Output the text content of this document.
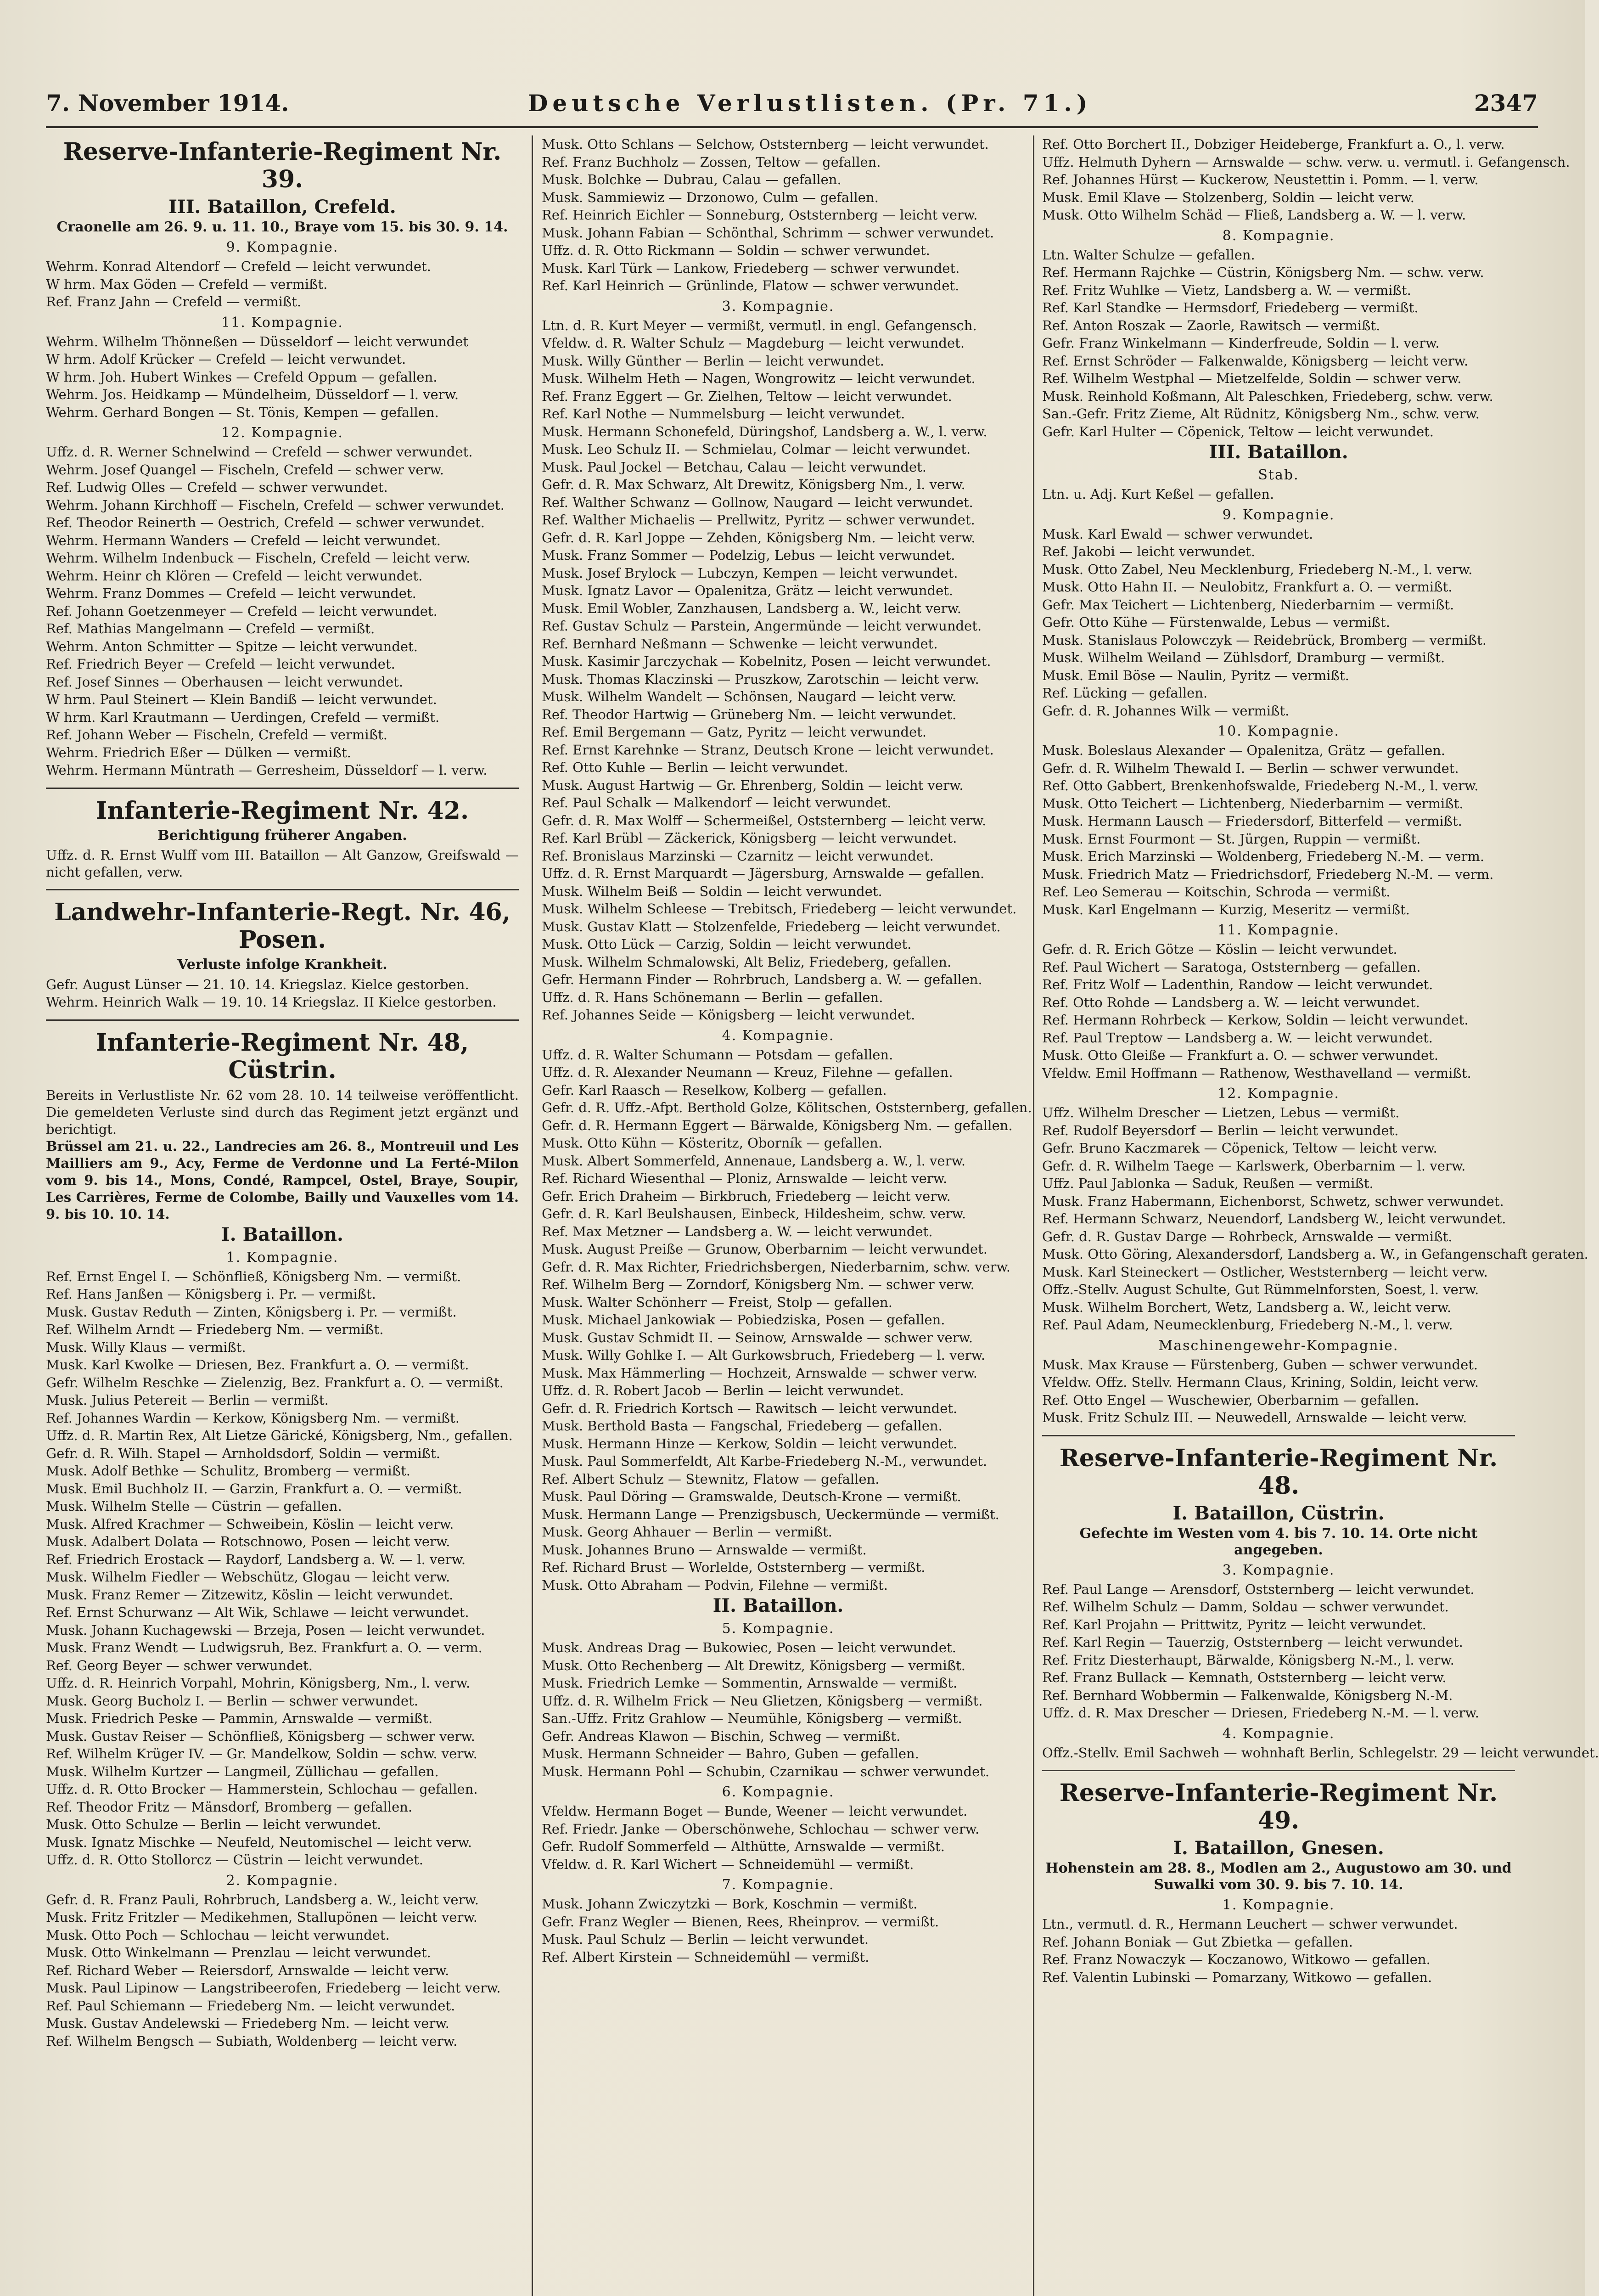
7. November 1914.	Deutsche Verlustlisten. (Pr. 71.)	2347
Reserve-Infanterie-Regiment Nr. 39.
III. Bataillon, Crefeld.
Craonelle am 26. 9. u. 11. 10., Braye vom 15. bis 30. 9. 14.
9. Kompagnie.
Wehrm. Konrad Altendorf — Crefeld — leicht verwundet.
W hrm. Max Göden — Crefeld — vermißt.
Ref. Franz Jahn — Crefeld — vermißt.
11. Kompagnie.
Wehrm. Wilhelm Thönneßen — Düsseldorf — leicht verwundet
W hrm. Adolf Krücker — Crefeld — leicht verwundet.
W hrm. Joh. Hubert Winkes — Crefeld Oppum — gefallen.
Wehrm. Jos. Heidkamp — Mündelheim, Düsseldorf — l. verw.
Wehrm. Gerhard Bongen — St. Tönis, Kempen — gefallen.
12. Kompagnie.
Uffz. d. R. Werner Schnelwind — Crefeld — schwer verwundet.
Wehrm. Josef Quangel — Fischeln, Crefeld — schwer verw.
Ref. Ludwig Olles — Crefeld — schwer verwundet.
Wehrm. Johann Kirchhoff — Fischeln, Crefeld — schwer verwundet.
Ref. Theodor Reinerth — Oestrich, Crefeld — schwer verwundet.
Wehrm. Hermann Wanders — Crefeld — leicht verwundet.
Wehrm. Wilhelm Indenbuck — Fischeln, Crefeld — leicht verw.
Wehrm. Heinr ch Klören — Crefeld — leicht verwundet.
Wehrm. Franz Dommes — Crefeld — leicht verwundet.
Ref. Johann Goetzenmeyer — Crefeld — leicht verwundet.
Ref. Mathias Mangelmann — Crefeld — vermißt.
Wehrm. Anton Schmitter — Spitze — leicht verwundet.
Ref. Friedrich Beyer — Crefeld — leicht verwundet.
Ref. Josef Sinnes — Oberhausen — leicht verwundet.
W hrm. Paul Steinert — Klein Bandiß — leicht verwundet.
W hrm. Karl Krautmann — Uerdingen, Crefeld — vermißt.
Ref. Johann Weber — Fischeln, Crefeld — vermißt.
Wehrm. Friedrich Eßer — Dülken — vermißt.
Wehrm. Hermann Müntrath — Gerresheim, Düsseldorf — l. verw.
Infanterie-Regiment Nr. 42.
Berichtigung früherer Angaben.
Uffz. d. R. Ernst Wulff vom III. Bataillon — Alt Ganzow, Greifswald — nicht gefallen, verw.
Landwehr-Infanterie-Regt. Nr. 46, Posen.
Verluste infolge Krankheit.
Gefr. August Lünser — 21. 10. 14. Kriegslaz. Kielce gestorben.
Wehrm. Heinrich Walk — 19. 10. 14 Kriegslaz. II Kielce gestorben.
Infanterie-Regiment Nr. 48, Cüstrin.
Bereits in Verlustliste Nr. 62 vom 28. 10. 14 teilweise veröffentlicht. Die gemeldeten Verluste sind durch das Regiment jetzt ergänzt und berichtigt.
Brüssel am 21. u. 22., Landrecies am 26. 8., Montreuil und Les Mailliers am 9., Acy, Ferme de Verdonne und La Ferté-Milon vom 9. bis 14., Mons, Condé, Rampcel, Ostel, Braye, Soupir, Les Carrières, Ferme de Colombe, Bailly und Vauxelles vom 14. 9. bis 10. 10. 14.
I. Bataillon.
1. Kompagnie.
Ref. Ernst Engel I. — Schönfließ, Königsberg Nm. — vermißt.
Ref. Hans Janßen — Königsberg i. Pr. — vermißt.
Musk. Gustav Reduth — Zinten, Königsberg i. Pr. — vermißt.
Ref. Wilhelm Arndt — Friedeberg Nm. — vermißt.
Musk. Willy Klaus — vermißt.
Musk. Karl Kwolke — Driesen, Bez. Frankfurt a. O. — vermißt.
Gefr. Wilhelm Reschke — Zielenzig, Bez. Frankfurt a. O. — vermißt.
Musk. Julius Petereit — Berlin — vermißt.
Ref. Johannes Wardin — Kerkow, Königsberg Nm. — vermißt.
Uffz. d. R. Martin Rex, Alt Lietze Gärické, Königsberg, Nm., gefallen.
Gefr. d. R. Wilh. Stapel — Arnholdsdorf, Soldin — vermißt.
Musk. Adolf Bethke — Schulitz, Bromberg — vermißt.
Musk. Emil Buchholz II. — Garzin, Frankfurt a. O. — vermißt.
Musk. Wilhelm Stelle — Cüstrin — gefallen.
Musk. Alfred Krachmer — Schweibein, Köslin — leicht verw.
Musk. Adalbert Dolata — Rotschnowo, Posen — leicht verw.
Ref. Friedrich Erostack — Raydorf, Landsberg a. W. — l. verw.
Musk. Wilhelm Fiedler — Webschütz, Glogau — leicht verw.
Musk. Franz Remer — Zitzewitz, Köslin — leicht verwundet.
Ref. Ernst Schurwanz — Alt Wik, Schlawe — leicht verwundet.
Musk. Johann Kuchagewski — Brzeja, Posen — leicht verwundet.
Musk. Franz Wendt — Ludwigsruh, Bez. Frankfurt a. O. — verm.
Ref. Georg Beyer — schwer verwundet.
Uffz. d. R. Heinrich Vorpahl, Mohrin, Königsberg, Nm., l. verw.
Musk. Georg Bucholz I. — Berlin — schwer verwundet.
Musk. Friedrich Peske — Pammin, Arnswalde — vermißt.
Musk. Gustav Reiser — Schönfließ, Königsberg — schwer verw.
Ref. Wilhelm Krüger IV. — Gr. Mandelkow, Soldin — schw. verw.
Musk. Wilhelm Kurtzer — Langmeil, Züllichau — gefallen.
Uffz. d. R. Otto Brocker — Hammerstein, Schlochau — gefallen.
Ref. Theodor Fritz — Mänsdorf, Bromberg — gefallen.
Musk. Otto Schulze — Berlin — leicht verwundet.
Musk. Ignatz Mischke — Neufeld, Neutomischel — leicht verw.
Uffz. d. R. Otto Stollorcz — Cüstrin — leicht verwundet.
2. Kompagnie.
Gefr. d. R. Franz Pauli, Rohrbruch, Landsberg a. W., leicht verw.
Musk. Fritz Fritzler — Medikehmen, Stallupönen — leicht verw.
Musk. Otto Poch — Schlochau — leicht verwundet.
Musk. Otto Winkelmann — Prenzlau — leicht verwundet.
Ref. Richard Weber — Reiersdorf, Arnswalde — leicht verw.
Musk. Paul Lipinow — Langstribeerofen, Friedeberg — leicht verw.
Ref. Paul Schiemann — Friedeberg Nm. — leicht verwundet.
Musk. Gustav Andelewski — Friedeberg Nm. — leicht verw.
Ref. Wilhelm Bengsch — Subiath, Woldenberg — leicht verw.
Musk. Otto Schlans — Selchow, Oststernberg — leicht verwundet.
Ref. Franz Buchholz — Zossen, Teltow — gefallen.
Musk. Bolchke — Dubrau, Calau — gefallen.
Musk. Sammiewiz — Drzonowo, Culm — gefallen.
Ref. Heinrich Eichler — Sonneburg, Oststernberg — leicht verw.
Musk. Johann Fabian — Schönthal, Schrimm — schwer verwundet.
Uffz. d. R. Otto Rickmann — Soldin — schwer verwundet.
Musk. Karl Türk — Lankow, Friedeberg — schwer verwundet.
Ref. Karl Heinrich — Grünlinde, Flatow — schwer verwundet.
3. Kompagnie.
Ltn. d. R. Kurt Meyer — vermißt, vermutl. in engl. Gefangensch.
Vfeldw. d. R. Walter Schulz — Magdeburg — leicht verwundet.
Musk. Willy Günther — Berlin — leicht verwundet.
Musk. Wilhelm Heth — Nagen, Wongrowitz — leicht verwundet.
Ref. Franz Eggert — Gr. Zielhen, Teltow — leicht verwundet.
Ref. Karl Nothe — Nummelsburg — leicht verwundet.
Musk. Hermann Schonefeld, Düringshof, Landsberg a. W., l. verw.
Musk. Leo Schulz II. — Schmielau, Colmar — leicht verwundet.
Musk. Paul Jockel — Betchau, Calau — leicht verwundet.
Gefr. d. R. Max Schwarz, Alt Drewitz, Königsberg Nm., l. verw.
Ref. Walther Schwanz — Gollnow, Naugard — leicht verwundet.
Ref. Walther Michaelis — Prellwitz, Pyritz — schwer verwundet.
Gefr. d. R. Karl Joppe — Zehden, Königsberg Nm. — leicht verw.
Musk. Franz Sommer — Podelzig, Lebus — leicht verwundet.
Musk. Josef Brylock — Lubczyn, Kempen — leicht verwundet.
Musk. Ignatz Lavor — Opalenitza, Grätz — leicht verwundet.
Musk. Emil Wobler, Zanzhausen, Landsberg a. W., leicht verw.
Ref. Gustav Schulz — Parstein, Angermünde — leicht verwundet.
Ref. Bernhard Neßmann — Schwenke — leicht verwundet.
Musk. Kasimir Jarczychak — Kobelnitz, Posen — leicht verwundet.
Musk. Thomas Klaczinski — Pruszkow, Zarotschin — leicht verw.
Musk. Wilhelm Wandelt — Schönsen, Naugard — leicht verw.
Ref. Theodor Hartwig — Grüneberg Nm. — leicht verwundet.
Ref. Emil Bergemann — Gatz, Pyritz — leicht verwundet.
Ref. Ernst Karehnke — Stranz, Deutsch Krone — leicht verwundet.
Ref. Otto Kuhle — Berlin — leicht verwundet.
Musk. August Hartwig — Gr. Ehrenberg, Soldin — leicht verw.
Ref. Paul Schalk — Malkendorf — leicht verwundet.
Gefr. d. R. Max Wolff — Schermeißel, Oststernberg — leicht verw.
Ref. Karl Brübl — Zäckerick, Königsberg — leicht verwundet.
Ref. Bronislaus Marzinski — Czarnitz — leicht verwundet.
Uffz. d. R. Ernst Marquardt — Jägersburg, Arnswalde — gefallen.
Musk. Wilhelm Beiß — Soldin — leicht verwundet.
Musk. Wilhelm Schleese — Trebitsch, Friedeberg — leicht verwundet.
Musk. Gustav Klatt — Stolzenfelde, Friedeberg — leicht verwundet.
Musk. Otto Lück — Carzig, Soldin — leicht verwundet.
Musk. Wilhelm Schmalowski, Alt Beliz, Friedeberg, gefallen.
Gefr. Hermann Finder — Rohrbruch, Landsberg a. W. — gefallen.
Uffz. d. R. Hans Schönemann — Berlin — gefallen.
Ref. Johannes Seide — Königsberg — leicht verwundet.
4. Kompagnie.
Uffz. d. R. Walter Schumann — Potsdam — gefallen.
Uffz. d. R. Alexander Neumann — Kreuz, Filehne — gefallen.
Gefr. Karl Raasch — Reselkow, Kolberg — gefallen.
Gefr. d. R. Uffz.-Afpt. Berthold Golze, Kölitschen, Oststernberg, gefallen.
Gefr. d. R. Hermann Eggert — Bärwalde, Königsberg Nm. — gefallen.
Musk. Otto Kühn — Kösteritz, Oborník — gefallen.
Musk. Albert Sommerfeld, Annenaue, Landsberg a. W., l. verw.
Ref. Richard Wiesenthal — Ploniz, Arnswalde — leicht verw.
Gefr. Erich Draheim — Birkbruch, Friedeberg — leicht verw.
Gefr. d. R. Karl Beulshausen, Einbeck, Hildesheim, schw. verw.
Ref. Max Metzner — Landsberg a. W. — leicht verwundet.
Musk. August Preiße — Grunow, Oberbarnim — leicht verwundet.
Gefr. d. R. Max Richter, Friedrichsbergen, Niederbarnim, schw. verw.
Ref. Wilhelm Berg — Zorndorf, Königsberg Nm. — schwer verw.
Musk. Walter Schönherr — Freist, Stolp — gefallen.
Musk. Michael Jankowiak — Pobiedziska, Posen — gefallen.
Musk. Gustav Schmidt II. — Seinow, Arnswalde — schwer verw.
Musk. Willy Gohlke I. — Alt Gurkowsbruch, Friedeberg — l. verw.
Musk. Max Hämmerling — Hochzeit, Arnswalde — schwer verw.
Uffz. d. R. Robert Jacob — Berlin — leicht verwundet.
Gefr. d. R. Friedrich Kortsch — Rawitsch — leicht verwundet.
Musk. Berthold Basta — Fangschal, Friedeberg — gefallen.
Musk. Hermann Hinze — Kerkow, Soldin — leicht verwundet.
Musk. Paul Sommerfeldt, Alt Karbe-Friedeberg N.-M., verwundet.
Ref. Albert Schulz — Stewnitz, Flatow — gefallen.
Musk. Paul Döring — Gramswalde, Deutsch-Krone — vermißt.
Musk. Hermann Lange — Prenzigsbusch, Ueckermünde — vermißt.
Musk. Georg Ahhauer — Berlin — vermißt.
Musk. Johannes Bruno — Arnswalde — vermißt.
Ref. Richard Brust — Worlelde, Oststernberg — vermißt.
Musk. Otto Abraham — Podvin, Filehne — vermißt.
II. Bataillon.
5. Kompagnie.
Musk. Andreas Drag — Bukowiec, Posen — leicht verwundet.
Musk. Otto Rechenberg — Alt Drewitz, Königsberg — vermißt.
Musk. Friedrich Lemke — Sommentin, Arnswalde — vermißt.
Uffz. d. R. Wilhelm Frick — Neu Glietzen, Königsberg — vermißt.
San.-Uffz. Fritz Grahlow — Neumühle, Königsberg — vermißt.
Gefr. Andreas Klawon — Bischin, Schweg — vermißt.
Musk. Hermann Schneider — Bahro, Guben — gefallen.
Musk. Hermann Pohl — Schubin, Czarnikau — schwer verwundet.
6. Kompagnie.
Vfeldw. Hermann Boget — Bunde, Weener — leicht verwundet.
Ref. Friedr. Janke — Oberschönwehe, Schlochau — schwer verw.
Gefr. Rudolf Sommerfeld — Althütte, Arnswalde — vermißt.
Vfeldw. d. R. Karl Wichert — Schneidemühl — vermißt.
7. Kompagnie.
Musk. Johann Zwiczytzki — Bork, Koschmin — vermißt.
Gefr. Franz Wegler — Bienen, Rees, Rheinprov. — vermißt.
Musk. Paul Schulz — Berlin — leicht verwundet.
Ref. Albert Kirstein — Schneidemühl — vermißt.
Ref. Otto Borchert II., Dobziger Heideberge, Frankfurt a. O., l. verw.
Uffz. Helmuth Dyhern — Arnswalde — schw. verw. u. vermutl. i. Gefangensch.
Ref. Johannes Hürst — Kuckerow, Neustettin i. Pomm. — l. verw.
Musk. Emil Klave — Stolzenberg, Soldin — leicht verw.
Musk. Otto Wilhelm Schäd — Fließ, Landsberg a. W. — l. verw.
8. Kompagnie.
Ltn. Walter Schulze — gefallen.
Ref. Hermann Rajchke — Cüstrin, Königsberg Nm. — schw. verw.
Ref. Fritz Wuhlke — Vietz, Landsberg a. W. — vermißt.
Ref. Karl Standke — Hermsdorf, Friedeberg — vermißt.
Ref. Anton Roszak — Zaorle, Rawitsch — vermißt.
Gefr. Franz Winkelmann — Kinderfreude, Soldin — l. verw.
Ref. Ernst Schröder — Falkenwalde, Königsberg — leicht verw.
Ref. Wilhelm Westphal — Mietzelfelde, Soldin — schwer verw.
Musk. Reinhold Koßmann, Alt Paleschken, Friedeberg, schw. verw.
San.-Gefr. Fritz Zieme, Alt Rüdnitz, Königsberg Nm., schw. verw.
Gefr. Karl Hulter — Cöpenick, Teltow — leicht verwundet.
III. Bataillon.
Stab.
Ltn. u. Adj. Kurt Keßel — gefallen.
9. Kompagnie.
Musk. Karl Ewald — schwer verwundet.
Ref. Jakobi — leicht verwundet.
Musk. Otto Zabel, Neu Mecklenburg, Friedeberg N.-M., l. verw.
Musk. Otto Hahn II. — Neulobitz, Frankfurt a. O. — vermißt.
Gefr. Max Teichert — Lichtenberg, Niederbarnim — vermißt.
Gefr. Otto Kühe — Fürstenwalde, Lebus — vermißt.
Musk. Stanislaus Polowczyk — Reidebrück, Bromberg — vermißt.
Musk. Wilhelm Weiland — Zühlsdorf, Dramburg — vermißt.
Musk. Emil Böse — Naulin, Pyritz — vermißt.
Ref. Lücking — gefallen.
Gefr. d. R. Johannes Wilk — vermißt.
10. Kompagnie.
Musk. Boleslaus Alexander — Opalenitza, Grätz — gefallen.
Gefr. d. R. Wilhelm Thewald I. — Berlin — schwer verwundet.
Ref. Otto Gabbert, Brenkenhofswalde, Friedeberg N.-M., l. verw.
Musk. Otto Teichert — Lichtenberg, Niederbarnim — vermißt.
Musk. Hermann Lausch — Friedersdorf, Bitterfeld — vermißt.
Musk. Ernst Fourmont — St. Jürgen, Ruppin — vermißt.
Musk. Erich Marzinski — Woldenberg, Friedeberg N.-M. — verm.
Musk. Friedrich Matz — Friedrichsdorf, Friedeberg N.-M. — verm.
Ref. Leo Semerau — Koitschin, Schroda — vermißt.
Musk. Karl Engelmann — Kurzig, Meseritz — vermißt.
11. Kompagnie.
Gefr. d. R. Erich Götze — Köslin — leicht verwundet.
Ref. Paul Wichert — Saratoga, Oststernberg — gefallen.
Ref. Fritz Wolf — Ladenthin, Randow — leicht verwundet.
Ref. Otto Rohde — Landsberg a. W. — leicht verwundet.
Ref. Hermann Rohrbeck — Kerkow, Soldin — leicht verwundet.
Ref. Paul Treptow — Landsberg a. W. — leicht verwundet.
Musk. Otto Gleiße — Frankfurt a. O. — schwer verwundet.
Vfeldw. Emil Hoffmann — Rathenow, Westhavelland — vermißt.
12. Kompagnie.
Uffz. Wilhelm Drescher — Lietzen, Lebus — vermißt.
Ref. Rudolf Beyersdorf — Berlin — leicht verwundet.
Gefr. Bruno Kaczmarek — Cöpenick, Teltow — leicht verw.
Gefr. d. R. Wilhelm Taege — Karlswerk, Oberbarnim — l. verw.
Uffz. Paul Jablonka — Saduk, Reußen — vermißt.
Musk. Franz Habermann, Eichenborst, Schwetz, schwer verwundet.
Ref. Hermann Schwarz, Neuendorf, Landsberg W., leicht verwundet.
Gefr. d. R. Gustav Darge — Rohrbeck, Arnswalde — vermißt.
Musk. Otto Göring, Alexandersdorf, Landsberg a. W., in Gefangenschaft geraten.
Musk. Karl Steineckert — Ostlicher, Weststernberg — leicht verw.
Offz.-Stellv. August Schulte, Gut Rümmelnforsten, Soest, l. verw.
Musk. Wilhelm Borchert, Wetz, Landsberg a. W., leicht verw.
Ref. Paul Adam, Neumecklenburg, Friedeberg N.-M., l. verw.
Maschinengewehr-Kompagnie.
Musk. Max Krause — Fürstenberg, Guben — schwer verwundet.
Vfeldw. Offz. Stellv. Hermann Claus, Krining, Soldin, leicht verw.
Ref. Otto Engel — Wuschewier, Oberbarnim — gefallen.
Musk. Fritz Schulz III. — Neuwedell, Arnswalde — leicht verw.
Reserve-Infanterie-Regiment Nr. 48.
I. Bataillon, Cüstrin.
Gefechte im Westen vom 4. bis 7. 10. 14. Orte nicht angegeben.
3. Kompagnie.
Ref. Paul Lange — Arensdorf, Oststernberg — leicht verwundet.
Ref. Wilhelm Schulz — Damm, Soldau — schwer verwundet.
Ref. Karl Projahn — Prittwitz, Pyritz — leicht verwundet.
Ref. Karl Regin — Tauerzig, Oststernberg — leicht verwundet.
Ref. Fritz Diesterhaupt, Bärwalde, Königsberg N.-M., l. verw.
Ref. Franz Bullack — Kemnath, Oststernberg — leicht verw.
Ref. Bernhard Wobbermin — Falkenwalde, Königsberg N.-M.
Uffz. d. R. Max Drescher — Driesen, Friedeberg N.-M. — l. verw.
4. Kompagnie.
Offz.-Stellv. Emil Sachweh — wohnhaft Berlin, Schlegelstr. 29 — leicht verwundet.
Reserve-Infanterie-Regiment Nr. 49.
I. Bataillon, Gnesen.
Hohenstein am 28. 8., Modlen am 2., Augustowo am 30. und Suwalki vom 30. 9. bis 7. 10. 14.
1. Kompagnie.
Ltn., vermutl. d. R., Hermann Leuchert — schwer verwundet.
Ref. Johann Boniak — Gut Zbietka — gefallen.
Ref. Franz Nowaczyk — Koczanowo, Witkowo — gefallen.
Ref. Valentin Lubinski — Pomarzany, Witkowo — gefallen.
